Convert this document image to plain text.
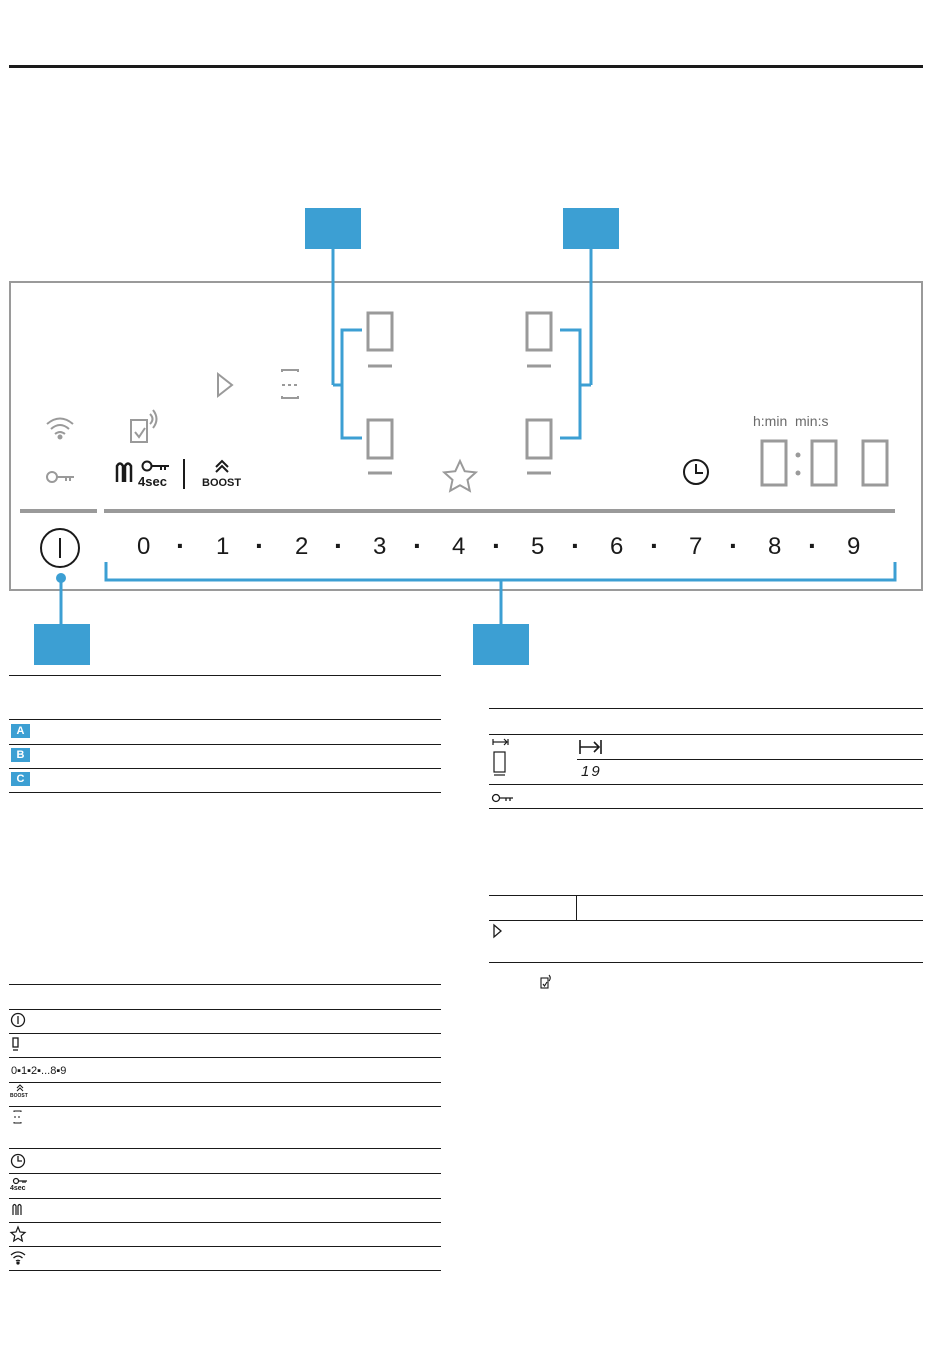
4sec	BOOST
h:min  min:s
0 · 1 · 2 · 3 · 4 · 5 · 6 · 7 · 8 · 9
A
B
C
0▪1▪2▪...8▪9
BOOST
4sec
19
